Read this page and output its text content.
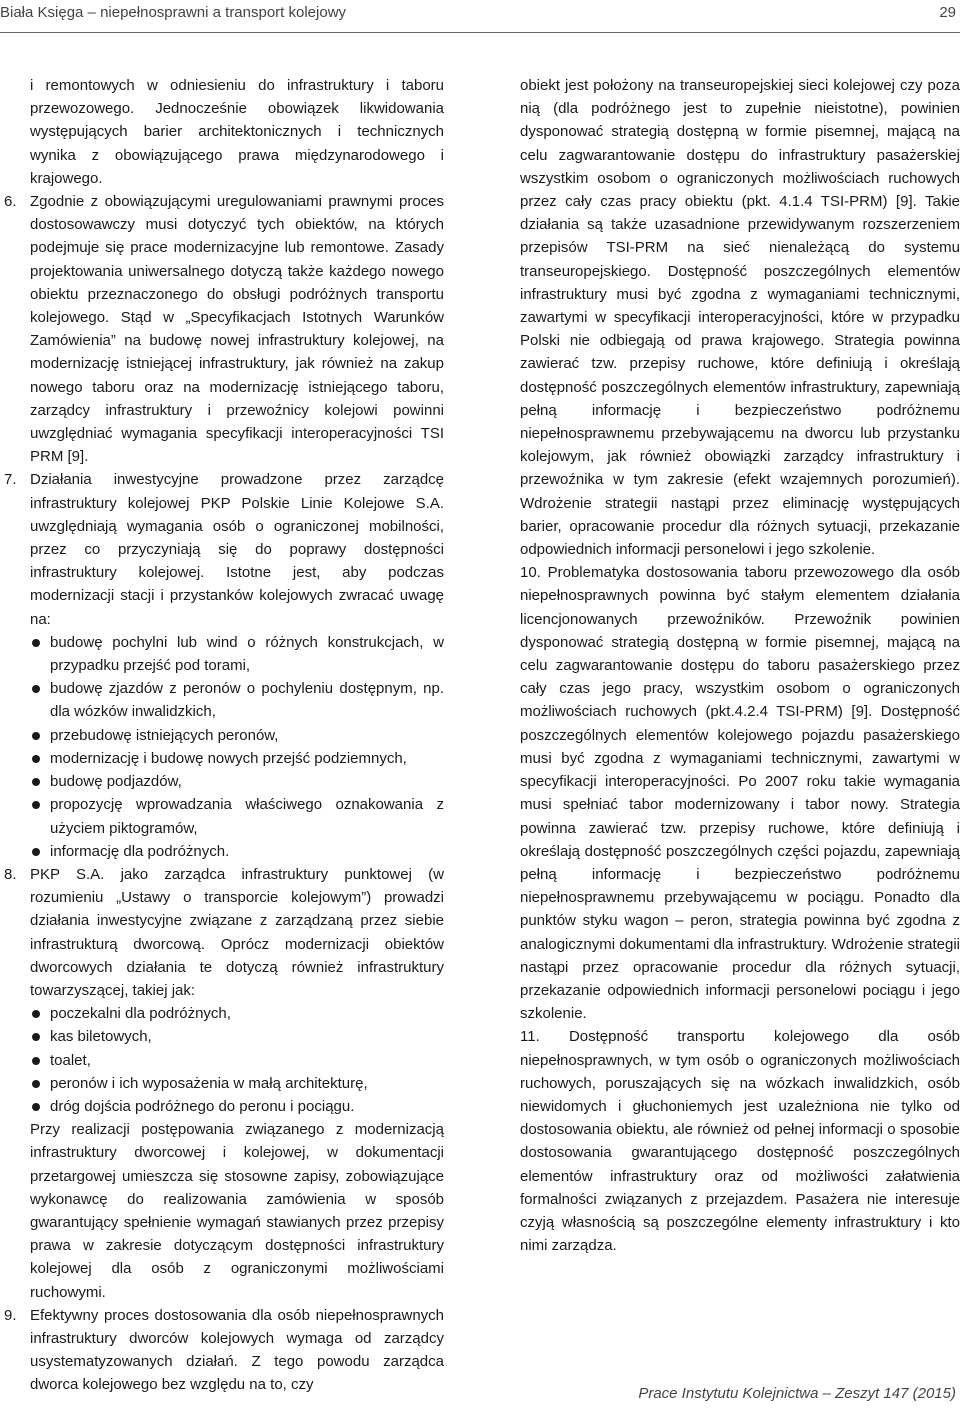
Biała Księga – niepełnosprawni a transport kolejowy	29

i remontowych w odniesieniu do infrastruktury i taboru przewozowego. Jednocześnie obowiązek likwidowania występujących barier architektonicznych i technicznych wynika z obowiązującego prawa międzynarodowego i krajowego.

6. Zgodnie z obowiązującymi uregulowaniami prawnymi proces dostosowawczy musi dotyczyć tych obiektów, na których podejmuje się prace modernizacyjne lub remontowe. Zasady projektowania uniwersalnego dotyczą także każdego nowego obiektu przeznaczonego do obsługi podróżnych transportu kolejowego. Stąd w „Specyfikacjach Istotnych Warunków Zamówienia” na budowę nowej infrastruktury kolejowej, na modernizację istniejącej infrastruktury, jak również na zakup nowego taboru oraz na modernizację istniejącego taboru, zarządcy infrastruktury i przewoźnicy kolejowi powinni uwzględniać wymagania specyfikacji interoperacyjności TSI PRM [9].

7. Działania inwestycyjne prowadzone przez zarządcę infrastruktury kolejowej PKP Polskie Linie Kolejowe S.A. uwzględniają wymagania osób o ograniczonej mobilności, przez co przyczyniają się do poprawy dostępności infrastruktury kolejowej. Istotne jest, aby podczas modernizacji stacji i przystanków kolejowych zwracać uwagę na:

budowę pochylni lub wind o różnych konstrukcjach, w przypadku przejść pod torami,
budowę zjazdów z peronów o pochyleniu dostępnym, np. dla wózków inwalidzkich,
przebudowę istniejących peronów,
modernizację i budowę nowych przejść podziemnych,
budowę podjazdów,
propozycję wprowadzania właściwego oznakowania z użyciem piktogramów,
informację dla podróżnych.
8. PKP S.A. jako zarządca infrastruktury punktowej (w rozumieniu „Ustawy o transporcie kolejowym”) prowadzi działania inwestycyjne związane z zarządzaną przez siebie infrastrukturą dworcową. Oprócz modernizacji obiektów dworcowych działania te dotyczą również infrastruktury towarzyszącej, takiej jak:

poczekalni dla podróżnych,
kas biletowych,
toalet,
peronów i ich wyposażenia w małą architekturę,
dróg dojścia podróżnego do peronu i pociągu.

Przy realizacji postępowania związanego z modernizacją infrastruktury dworcowej i kolejowej, w dokumentacji przetargowej umieszcza się stosowne zapisy, zobowiązujące wykonawcę do realizowania zamówienia w sposób gwarantujący spełnienie wymagań stawianych przez przepisy prawa w zakresie dotyczącym dostępności infrastruktury kolejowej dla osób z ograniczonymi możliwościami ruchowymi.

9. Efektywny proces dostosowania dla osób niepełnosprawnych infrastruktury dworców kolejowych wymaga od zarządcy usystematyzowanych działań. Z tego powodu zarządca dworca kolejowego bez względu na to, czy

obiekt jest położony na transeuropejskiej sieci kolejowej czy poza nią (dla podróżnego jest to zupełnie nieistotne), powinien dysponować strategią dostępną w formie pisemnej, mającą na celu zagwarantowanie dostępu do infrastruktury pasażerskiej wszystkim osobom o ograniczonych możliwościach ruchowych przez cały czas pracy obiektu (pkt. 4.1.4 TSI-PRM) [9]. Takie działania są także uzasadnione przewidywanym rozszerzeniem przepisów TSI-PRM na sieć nienależącą do systemu transeuropejskiego. Dostępność poszczególnych elementów infrastruktury musi być zgodna z wymaganiami technicznymi, zawartymi w specyfikacji interoperacyjności, które w przypadku Polski nie odbiegają od prawa krajowego. Strategia powinna zawierać tzw. przepisy ruchowe, które definiują i określają dostępność poszczególnych elementów infrastruktury, zapewniają pełną informację i bezpieczeństwo podróżnemu niepełnosprawnemu przebywającemu na dworcu lub przystanku kolejowym, jak również obowiązki zarządcy infrastruktury i przewoźnika w tym zakresie (efekt wzajemnych porozumień). Wdrożenie strategii nastąpi przez eliminację występujących barier, opracowanie procedur dla różnych sytuacji, przekazanie odpowiednich informacji personelowi i jego szkolenie.

10. Problematyka dostosowania taboru przewozowego dla osób niepełnosprawnych powinna być stałym elementem działania licencjonowanych przewoźników. Przewoźnik powinien dysponować strategią dostępną w formie pisemnej, mającą na celu zagwarantowanie dostępu do taboru pasażerskiego przez cały czas jego pracy, wszystkim osobom o ograniczonych możliwościach ruchowych (pkt.4.2.4 TSI-PRM) [9]. Dostępność poszczególnych elementów kolejowego pojazdu pasażerskiego musi być zgodna z wymaganiami technicznymi, zawartymi w specyfikacji interoperacyjności. Po 2007 roku takie wymagania musi spełniać tabor modernizowany i tabor nowy. Strategia powinna zawierać tzw. przepisy ruchowe, które definiują i określają dostępność poszczególnych części pojazdu, zapewniają pełną informację i bezpieczeństwo podróżnemu niepełnosprawnemu przebywającemu w pociągu. Ponadto dla punktów styku wagon – peron, strategia powinna być zgodna z analogicznymi dokumentami dla infrastruktury. Wdrożenie strategii nastąpi przez opracowanie procedur dla różnych sytuacji, przekazanie odpowiednich informacji personelowi pociągu i jego szkolenie.

11. Dostępność transportu kolejowego dla osób niepełnosprawnych, w tym osób o ograniczonych możliwościach ruchowych, poruszających się na wózkach inwalidzkich, osób niewidomych i głuchoniemych jest uzależniona nie tylko od dostosowania obiektu, ale również od pełnej informacji o sposobie dostosowania gwarantującego dostępność poszczególnych elementów infrastruktury oraz od możliwości załatwienia formalności związanych z przejazdem. Pasażera nie interesuje czyją własnością są poszczególne elementy infrastruktury i kto nimi zarządza.

Prace Instytutu Kolejnictwa – Zeszyt 147 (2015)
